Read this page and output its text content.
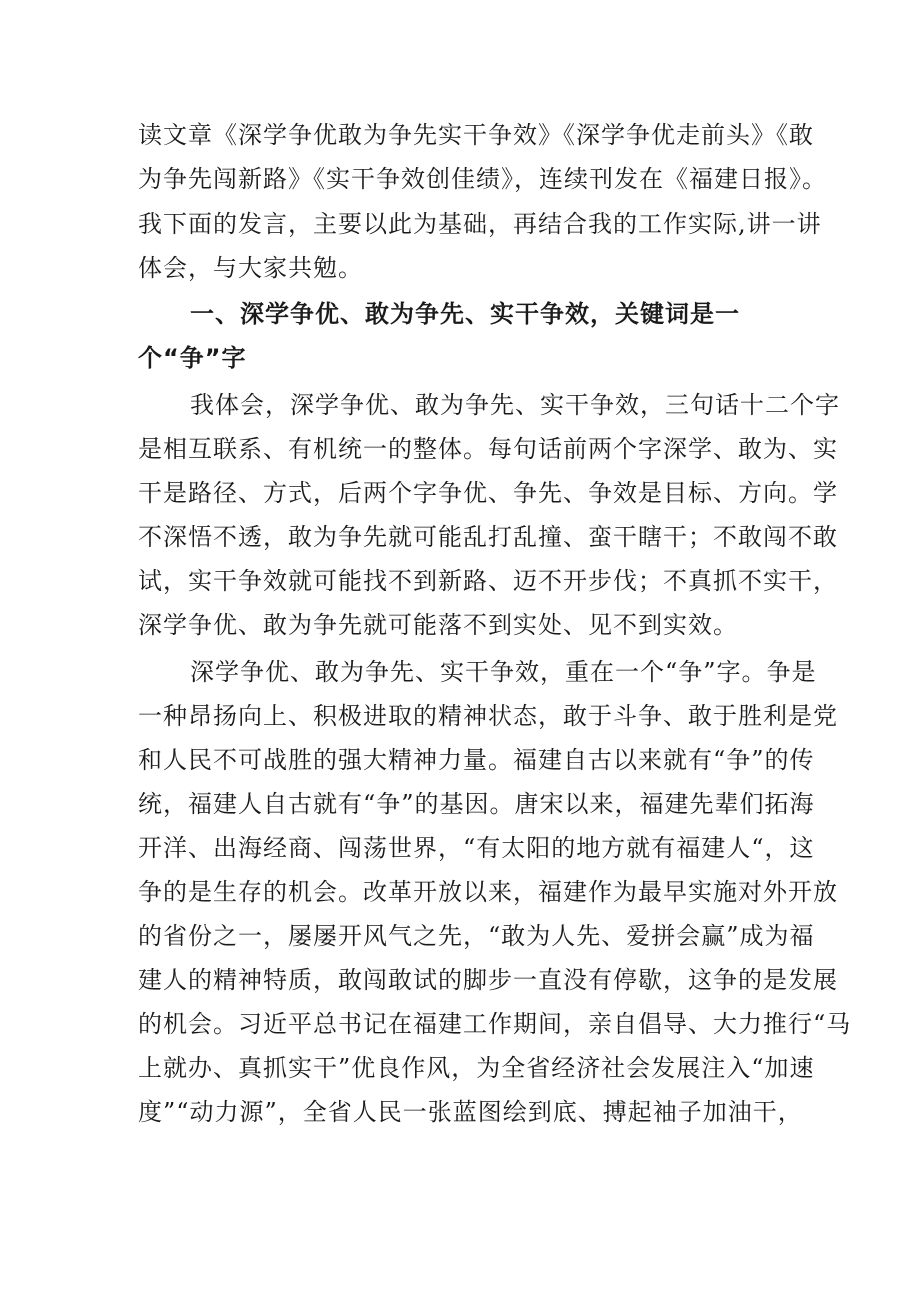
读文章《深学争优敢为争先实干争效》《深学争优走前头》《敢
为争先闯新路》《实干争效创佳绩》，连续刊发在《福建日报》。
我下面的发言，主要以此为基础，再结合我的工作实际,讲一讲
体会，与大家共勉。
一、深学争优、敢为争先、实干争效，关键词是一
个“争”字
我体会，深学争优、敢为争先、实干争效，三句话十二个字
是相互联系、有机统一的整体。每句话前两个字深学、敢为、实
干是路径、方式，后两个字争优、争先、争效是目标、方向。学
不深悟不透，敢为争先就可能乱打乱撞、蛮干瞎干；不敢闯不敢
试，实干争效就可能找不到新路、迈不开步伐；不真抓不实干，
深学争优、敢为争先就可能落不到实处、见不到实效。
深学争优、敢为争先、实干争效，重在一个“争”字。争是
一种昂扬向上、积极进取的精神状态，敢于斗争、敢于胜利是党
和人民不可战胜的强大精神力量。福建自古以来就有“争”的传
统，福建人自古就有“争”的基因。唐宋以来，福建先辈们拓海
开洋、出海经商、闯荡世界，“有太阳的地方就有福建人“，这
争的是生存的机会。改革开放以来，福建作为最早实施对外开放
的省份之一，屡屡开风气之先，“敢为人先、爱拼会赢”成为福
建人的精神特质，敢闯敢试的脚步一直没有停歇，这争的是发展
的机会。习近平总书记在福建工作期间，亲自倡导、大力推行“马
上就办、真抓实干”优良作风，为全省经济社会发展注入“加速
度”“动力源”，全省人民一张蓝图绘到底、搏起袖子加油干，
